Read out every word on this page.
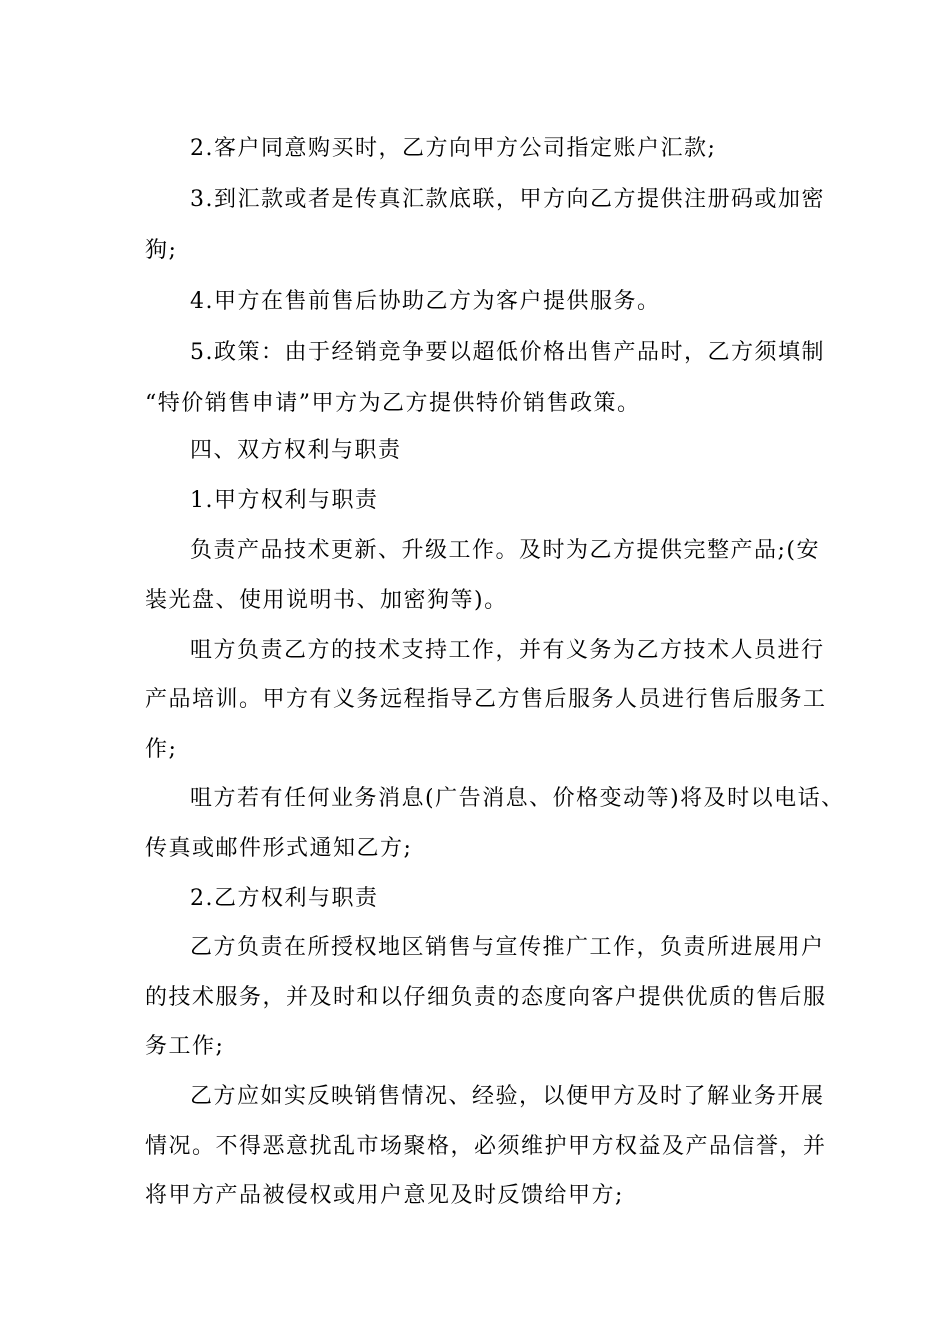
2.客户同意购买时，乙方向甲方公司指定账户汇款;
3.到汇款或者是传真汇款底联，甲方向乙方提供注册码或加密
狗;
4.甲方在售前售后协助乙方为客户提供服务。
5.政策：由于经销竞争要以超低价格出售产品时，乙方须填制
“特价销售申请”甲方为乙方提供特价销售政策。
四、双方权利与职责
1.甲方权利与职责
负责产品技术更新、升级工作。及时为乙方提供完整产品;(安
装光盘、使用说明书、加密狗等)。
咀方负责乙方的技术支持工作，并有义务为乙方技术人员进行
产品培训。甲方有义务远程指导乙方售后服务人员进行售后服务工
作;
咀方若有任何业务消息(广告消息、价格变动等)将及时以电话、
传真或邮件形式通知乙方;
2.乙方权利与职责
乙方负责在所授权地区销售与宣传推广工作，负责所进展用户
的技术服务，并及时和以仔细负责的态度向客户提供优质的售后服
务工作;
乙方应如实反映销售情况、经验，以便甲方及时了解业务开展
情况。不得恶意扰乱市场聚格，必须维护甲方权益及产品信誉，并
将甲方产品被侵权或用户意见及时反馈给甲方;
